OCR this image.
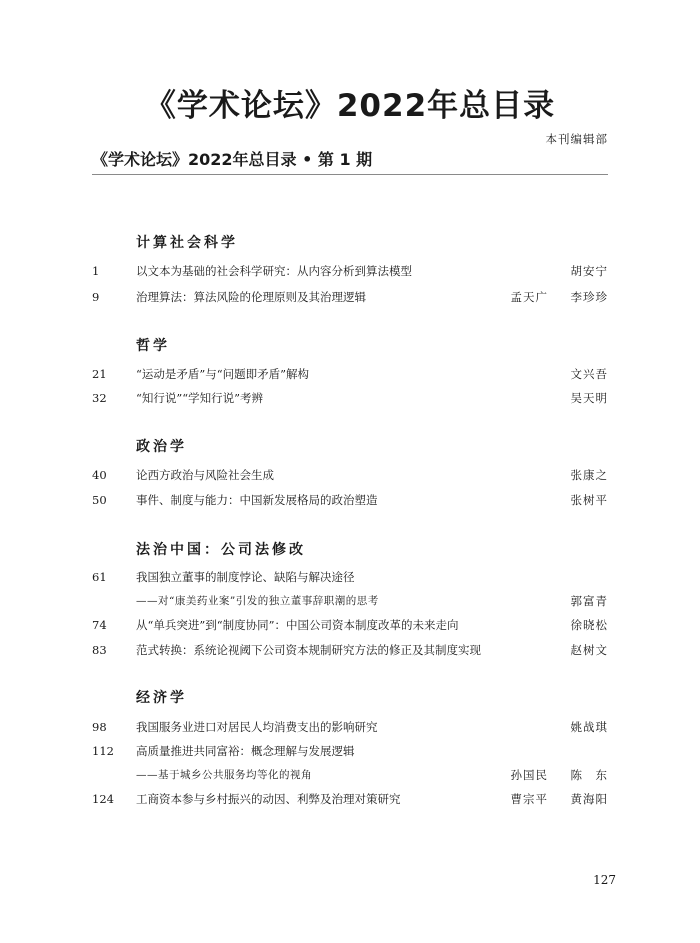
《学术论坛》2022年总目录
本刊编辑部
《学术论坛》2022年总目录 • 第 1 期
计算社会科学
1	以文本为基础的社会科学研究：从内容分析到算法模型	胡安宁
9	治理算法：算法风险的伦理原则及其治理逻辑	孟天广 李珍珍
哲学
21	“运动是矛盾”与“问题即矛盾”解构	文兴吾
32	“知行说”“学知行说”考辨	吴天明
政治学
40	论西方政治与风险社会生成	张康之
50	事件、制度与能力：中国新发展格局的政治塑造	张树平
法治中国：公司法修改
61	我国独立董事的制度悖论、缺陷与解决途径
——对“康美药业案”引发的独立董事辞职潮的思考	郭富青
74	从“单兵突进”到“制度协同”：中国公司资本制度改革的未来走向	徐晓松
83	范式转换：系统论视阈下公司资本规制研究方法的修正及其制度实现	赵树文
经济学
98	我国服务业进口对居民人均消费支出的影响研究	姚战琪
112 高质量推进共同富裕：概念理解与发展逻辑
——基于城乡公共服务均等化的视角	孙国民 陈　东
124 工商资本参与乡村振兴的动因、利弊及治理对策研究	曹宗平 黄海阳
127
